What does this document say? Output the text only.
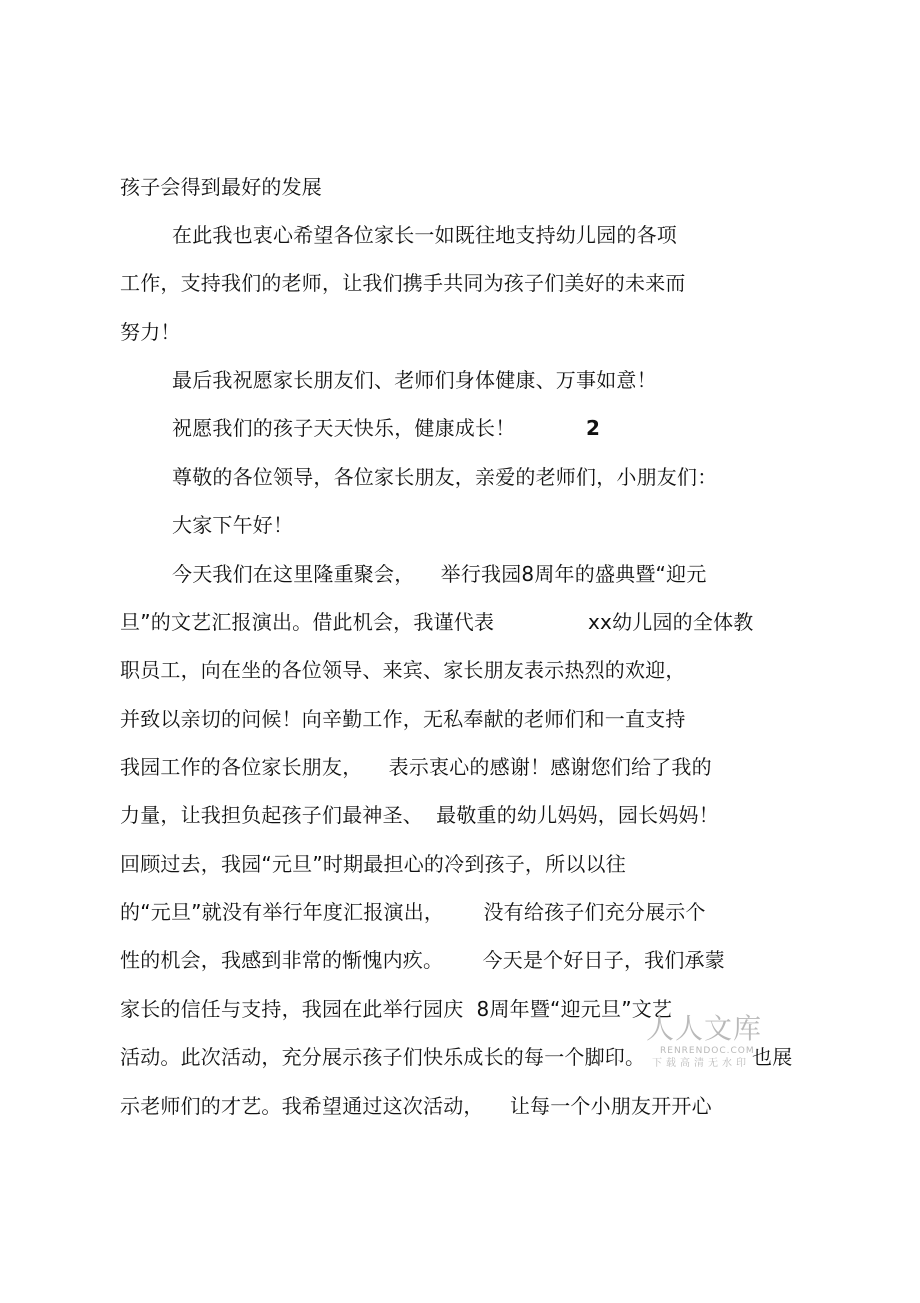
孩子会得到最好的发展
在此我也衷心希望各位家长一如既往地支持幼儿园的各项
工作，支持我们的老师，让我们携手共同为孩子们美好的未来而
努力！
最后我祝愿家长朋友们、老师们身体健康、万事如意！
祝愿我们的孩子天天快乐，健康成长！	2
尊敬的各位领导，各位家长朋友，亲爱的老师们，小朋友们：
大家下午好！
今天我们在这里隆重聚会，    举行我园8周年的盛典暨“迎元
旦”的文艺汇报演出。借此机会，我谨代表	xx幼儿园的全体教
职员工，向在坐的各位领导、来宾、家长朋友表示热烈的欢迎，
并致以亲切的问候！向辛勤工作，无私奉献的老师们和一直支持
我园工作的各位家长朋友，    表示衷心的感谢！感谢您们给了我的
力量，让我担负起孩子们最神圣、  最敬重的幼儿妈妈，园长妈妈！
回顾过去，我园“元旦”时期最担心的冷到孩子，所以以往
的“元旦”就没有举行年度汇报演出，      没有给孩子们充分展示个
性的机会，我感到非常的惭愧内疚。      今天是个好日子，我们承蒙
家长的信任与支持，我园在此举行园庆  8周年暨“迎元旦”文艺
活动。此次活动，充分展示孩子们快乐成长的每一个脚印。	也展
示老师们的才艺。我希望通过这次活动，    让每一个小朋友开开心
人人文库
RENRENDOC.COM
下载高清无水印
